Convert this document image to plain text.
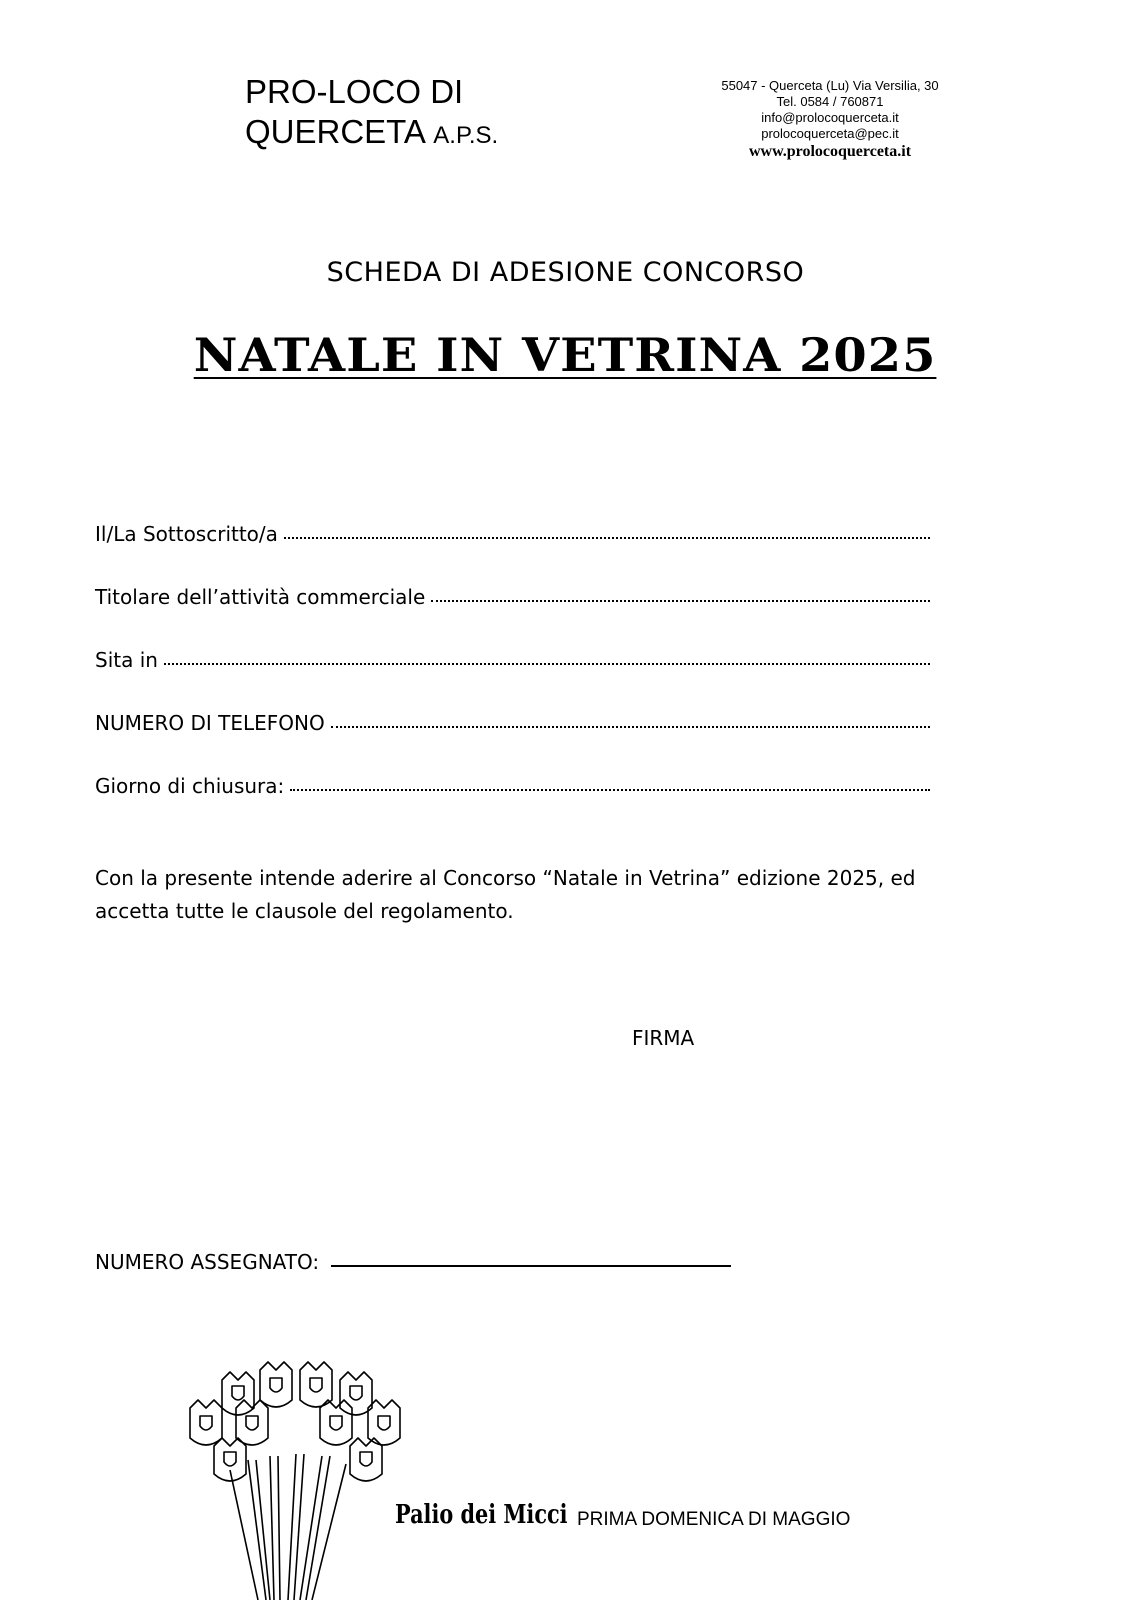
PRO-LOCO DI
QUERCETA A.P.S.
55047 - Querceta (Lu) Via Versilia, 30
Tel. 0584 / 760871
info@prolocoquerceta.it
prolocoquerceta@pec.it
www.prolocoquerceta.it
SCHEDA DI ADESIONE CONCORSO
NATALE IN VETRINA 2025
Il/La Sottoscritto/a
Titolare dell’attività commerciale
Sita in
NUMERO DI TELEFONO
Giorno di chiusura:
Con la presente intende aderire al Concorso “Natale in Vetrina” edizione 2025, ed accetta tutte le clausole del regolamento.
FIRMA
NUMERO ASSEGNATO:
Palio dei Micci PRIMA DOMENICA DI MAGGIO
